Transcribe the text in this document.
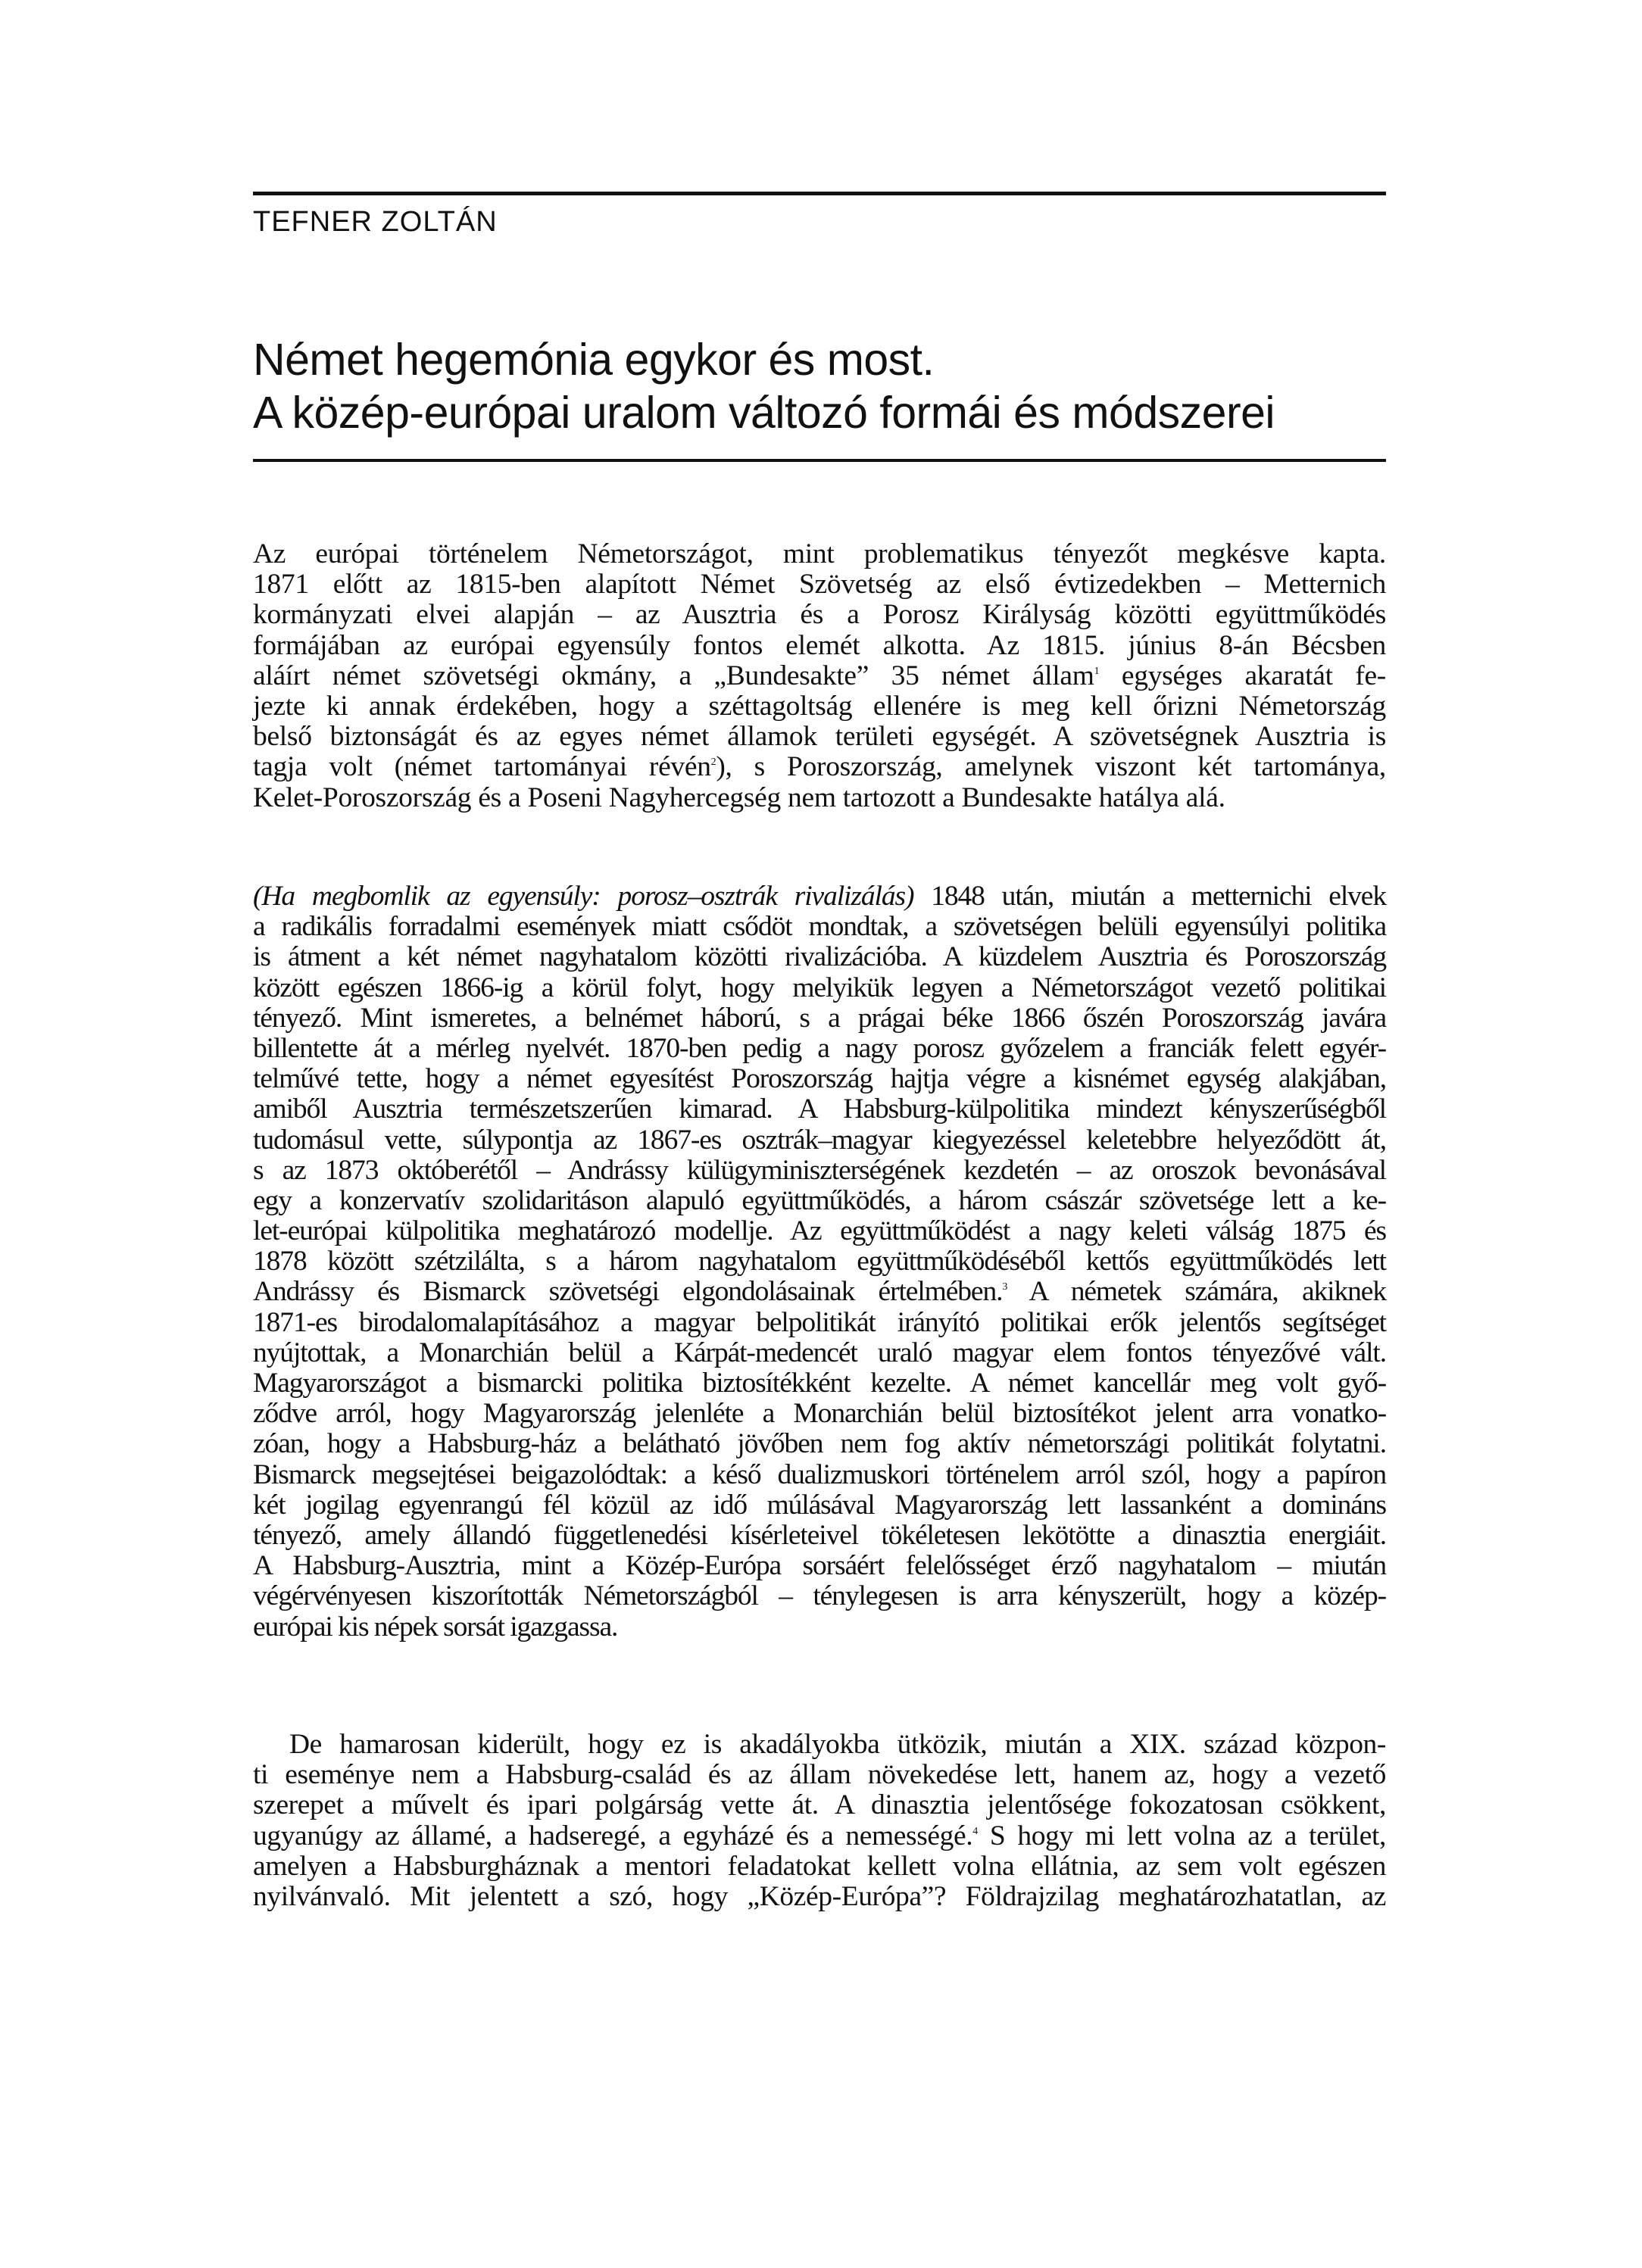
TEFNER ZOLTÁN
Német hegemónia egykor és most.
A közép-európai uralom változó formái és módszerei
Az európai történelem Németországot, mint problematikus tényezőt megkésve kapta.
1871 előtt az 1815-ben alapított Német Szövetség az első évtizedekben – Metternich
kormányzati elvei alapján – az Ausztria és a Porosz Királyság közötti együttműködés
formájában az európai egyensúly fontos elemét alkotta. Az 1815. június 8-án Bécsben
aláírt német szövetségi okmány, a „Bundesakte” 35 német állam$^1$ egységes akaratát fe-
jezte ki annak érdekében, hogy a széttagoltság ellenére is meg kell őrizni Németország
belső biztonságát és az egyes német államok területi egységét. A szövetségnek Ausztria is
tagja volt (német tartományai révén$^2$), s Poroszország, amelynek viszont két tartománya,
Kelet-Poroszország és a Poseni Nagyhercegség nem tartozott a Bundesakte hatálya alá.
(Ha megbomlik az egyensúly: porosz–osztrák rivalizálás) 1848 után, miután a metternichi elvek
a radikális forradalmi események miatt csődöt mondtak, a szövetségen belüli egyensúlyi politika
is átment a két német nagyhatalom közötti rivalizációba. A küzdelem Ausztria és Poroszország
között egészen 1866-ig a körül folyt, hogy melyikük legyen a Németországot vezető politikai
tényező. Mint ismeretes, a belnémet háború, s a prágai béke 1866 őszén Poroszország javára
billentette át a mérleg nyelvét. 1870-ben pedig a nagy porosz győzelem a franciák felett egyér-
telművé tette, hogy a német egyesítést Poroszország hajtja végre a kisnémet egység alakjában,
amiből Ausztria természetszerűen kimarad. A Habsburg-külpolitika mindezt kényszerűségből
tudomásul vette, súlypontja az 1867-es osztrák–magyar kiegyezéssel keletebbre helyeződött át,
s az 1873 októberétől – Andrássy külügyminiszterségének kezdetén – az oroszok bevonásával
egy a konzervatív szolidaritáson alapuló együttműködés, a három császár szövetsége lett a ke-
let-európai külpolitika meghatározó modellje. Az együttműködést a nagy keleti válság 1875 és
1878 között szétzilálta, s a három nagyhatalom együttműködéséből kettős együttműködés lett
Andrássy és Bismarck szövetségi elgondolásainak értelmében.$^3$ A németek számára, akiknek
1871-es birodalomalapításához a magyar belpolitikát irányító politikai erők jelentős segítséget
nyújtottak, a Monarchián belül a Kárpát-medencét uraló magyar elem fontos tényezővé vált.
Magyarországot a bismarcki politika biztosítékként kezelte. A német kancellár meg volt győ-
ződve arról, hogy Magyarország jelenléte a Monarchián belül biztosítékot jelent arra vonatko-
zóan, hogy a Habsburg-ház a belátható jövőben nem fog aktív németországi politikát folytatni.
Bismarck megsejtései beigazolódtak: a késő dualizmuskori történelem arról szól, hogy a papíron
két jogilag egyenrangú fél közül az idő múlásával Magyarország lett lassanként a domináns
tényező, amely állandó függetlenedési kísérleteivel tökéletesen lekötötte a dinasztia energiáit.
A Habsburg-Ausztria, mint a Közép-Európa sorsáért felelősséget érző nagyhatalom – miután
végérvényesen kiszorították Németországból – ténylegesen is arra kényszerült, hogy a közép-
európai kis népek sorsát igazgassa.
De hamarosan kiderült, hogy ez is akadályokba ütközik, miután a XIX. század közpon-
ti eseménye nem a Habsburg-család és az állam növekedése lett, hanem az, hogy a vezető
szerepet a művelt és ipari polgárság vette át. A dinasztia jelentősége fokozatosan csökkent,
ugyanúgy az államé, a hadseregé, a egyházé és a nemességé.$^4$ S hogy mi lett volna az a terület,
amelyen a Habsburgháznak a mentori feladatokat kellett volna ellátnia, az sem volt egészen
nyilvánvaló. Mit jelentett a szó, hogy „Közép-Európa”? Földrajzilag meghatározhatatlan, az
